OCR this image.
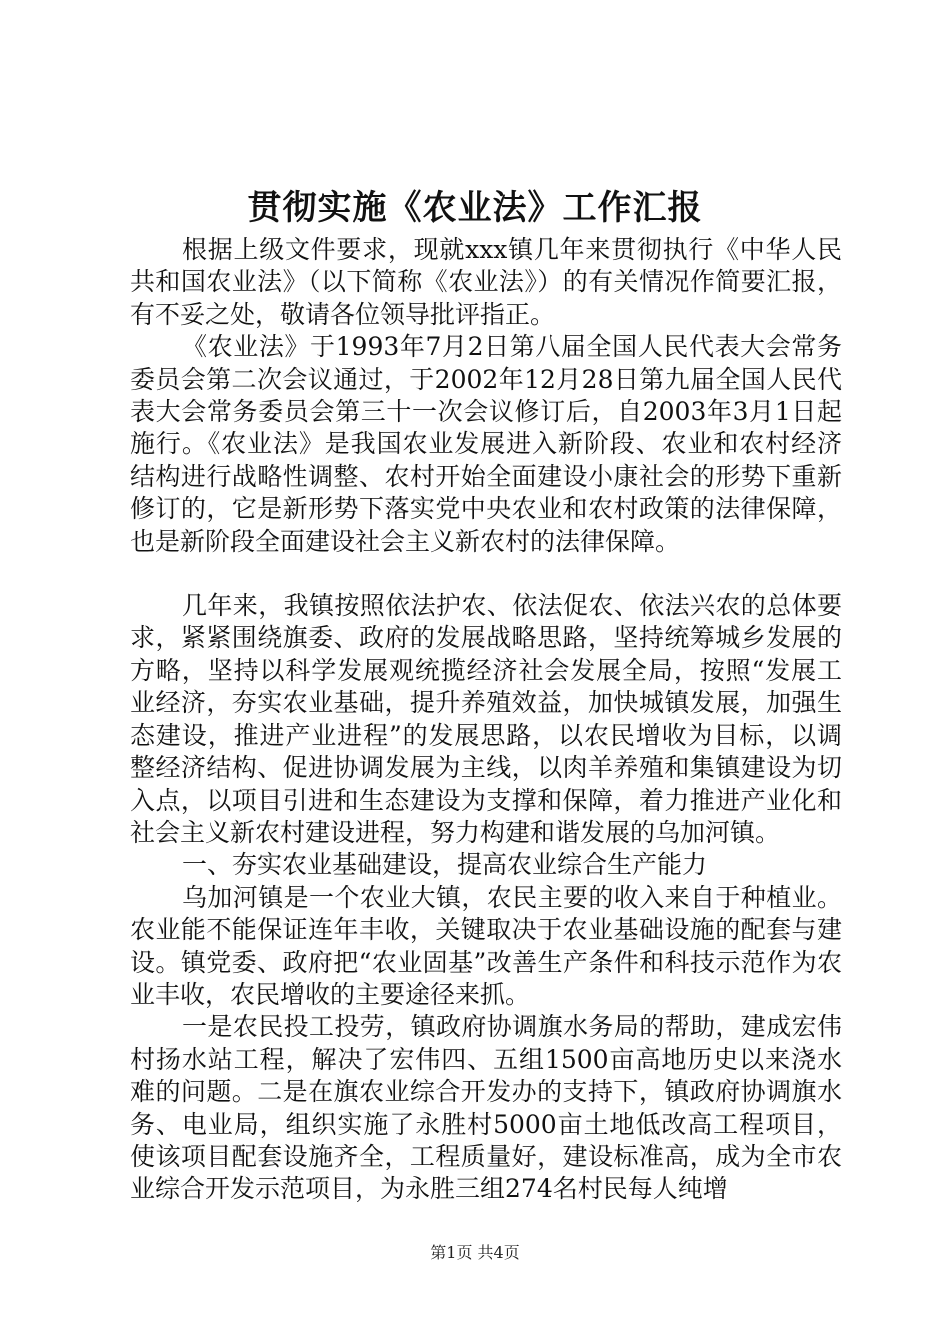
贯彻实施《农业法》工作汇报

根据上级文件要求，现就xxx镇几年来贯彻执行《中华人民共和国农业法》（以下简称《农业法》）的有关情况作简要汇报，有不妥之处，敬请各位领导批评指正。

《农业法》于1993年7月2日第八届全国人民代表大会常务委员会第二次会议通过，于2002年12月28日第九届全国人民代表大会常务委员会第三十一次会议修订后，自2003年3月1日起施行。《农业法》是我国农业发展进入新阶段、农业和农村经济结构进行战略性调整、农村开始全面建设小康社会的形势下重新修订的，它是新形势下落实党中央农业和农村政策的法律保障，也是新阶段全面建设社会主义新农村的法律保障。

几年来，我镇按照依法护农、依法促农、依法兴农的总体要求，紧紧围绕旗委、政府的发展战略思路，坚持统筹城乡发展的方略，坚持以科学发展观统揽经济社会发展全局，按照“发展工业经济，夯实农业基础，提升养殖效益，加快城镇发展，加强生态建设，推进产业进程”的发展思路，以农民增收为目标，以调整经济结构、促进协调发展为主线，以肉羊养殖和集镇建设为切入点，以项目引进和生态建设为支撑和保障，着力推进产业化和社会主义新农村建设进程，努力构建和谐发展的乌加河镇。

一、夯实农业基础建设，提高农业综合生产能力

乌加河镇是一个农业大镇，农民主要的收入来自于种植业。农业能不能保证连年丰收，关键取决于农业基础设施的配套与建设。镇党委、政府把“农业固基”改善生产条件和科技示范作为农业丰收，农民增收的主要途径来抓。

一是农民投工投劳，镇政府协调旗水务局的帮助，建成宏伟村扬水站工程，解决了宏伟四、五组1500亩高地历史以来浇水难的问题。二是在旗农业综合开发办的支持下，镇政府协调旗水务、电业局，组织实施了永胜村5000亩土地低改高工程项目，使该项目配套设施齐全，工程质量好，建设标准高，成为全市农业综合开发示范项目，为永胜三组274名村民每人纯增

第1页 共4页
